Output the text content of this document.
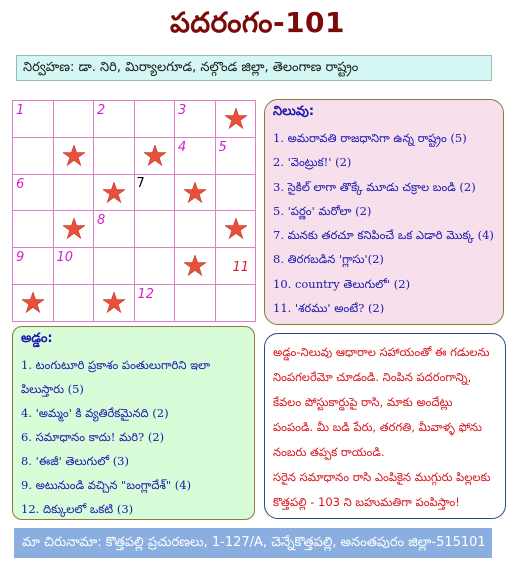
పదరంగం-101
నిర్వహణ: డా. నిరి, మిర్యాలగూడ, నల్గొండ జిల్లా, తెలంగాణ రాష్ట్రం
1		2		3

4	5

6			7

8

9	10				11

12		

నిలువు:
1. అమరావతి రాజధానిగా ఉన్న రాష్ట్రం (5)
2. 'వెంట్రుక!' (2)
3. సైకిల్ లాగా తొక్కే మూడు చక్రాల బండి (2)
5. 'పర్ణం' మరోలా (2)
7. మనకు తరచూ కనిపించే ఒక ఎడారి మొక్క (4)
8. తిరగబడిన 'గ్లాసు'(2)
10. country తెలుగులో' (2)
11. 'శరము' అంటే? (2)
అడ్డం:
1. టంగుటూరి ప్రకాశం పంతులుగారిని ఇలా
పిలుస్తారు (5)
4. 'అమ్మం' కి వ్యతిరేకమైనది (2)
6. సమాధానం కాదు! మరి? (2)
8. 'ఈజీ' తెలుగులో (3)
9. అటునుండి వచ్చిన "బంగ్లాదేశ్" (4)
12. దిక్కులలో ఒకటి (3)

అడ్డం-నిలువు ఆధారాల సహాయంతో ఈ గడులను

నింపగలరేమో చూడండి. నింపిన పదరంగాన్ని,

కేవలం పోస్టుకార్డుపై రాసి, మాకు అందేట్లు

పంపండి. మీ బడి పేరు, తరగతి, మీవాళ్ళ ఫోను

నంబరు తప్పక రాయండి.

సరైన సమాధానం రాసి ఎంపికైన ముగ్గురు పిల్లలకు

కొత్తపల్లి - 103 ని బహుమతిగా పంపిస్తాం!

మా చిరునామా: కొత్తపల్లి ప్రచురణలు, 1-127/A, చెన్నేకొత్తపల్లి, అనంతపురం జిల్లా-515101
